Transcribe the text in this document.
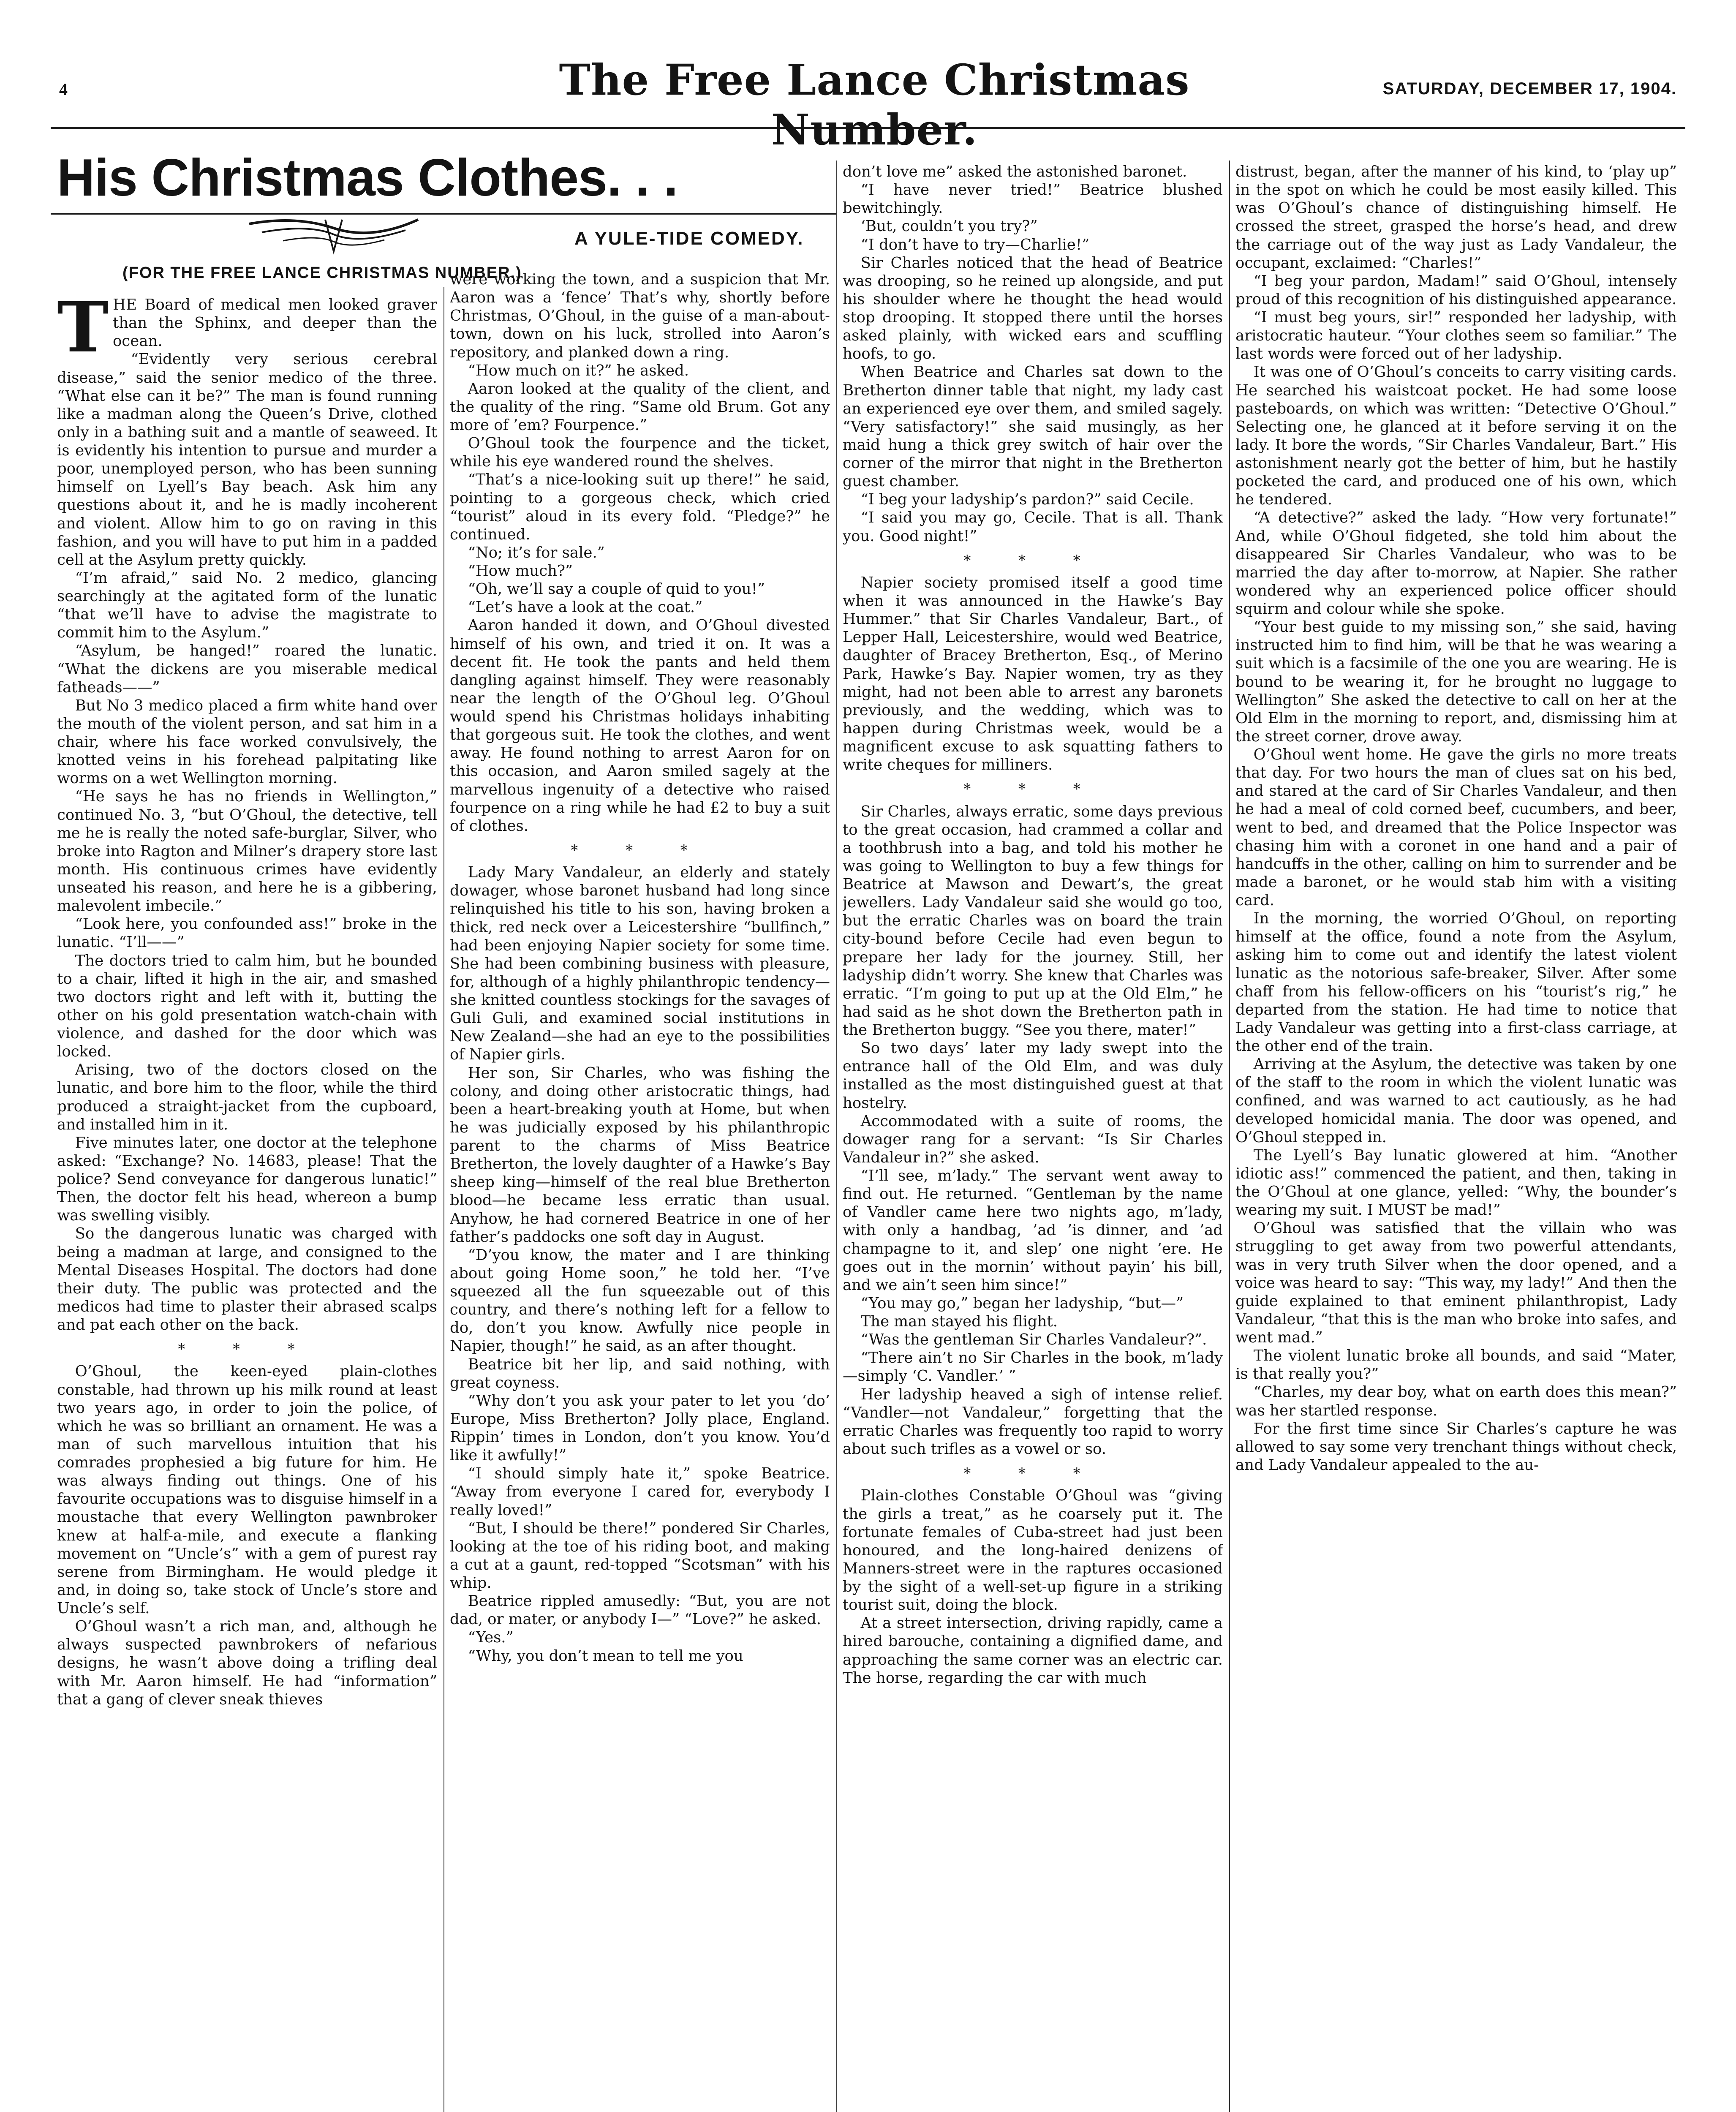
4	The Free Lance Christmas Number.
SATURDAY, DECEMBER 17, 1904.
His Christmas Clothes. . .
A YULE-TIDE COMEDY.
(FOR THE FREE LANCE CHRISTMAS NUMBER.)

THE Board of medical men looked graver than the Sphinx, and deeper than the ocean.

“Evidently very serious cerebral disease,” said the senior medico of the three. “What else can it be?” The man is found running like a madman along the Queen’s Drive, clothed only in a bathing suit and a mantle of seaweed. It is evidently his intention to pursue and murder a poor, unemployed person, who has been sunning himself on Lyell’s Bay beach. Ask him any questions about it, and he is madly incoherent and violent. Allow him to go on raving in this fashion, and you will have to put him in a padded cell at the Asylum pretty quickly.

“I’m afraid,” said No. 2 medico, glancing searchingly at the agitated form of the lunatic “that we’ll have to advise the magistrate to commit him to the Asylum.”

“Asylum, be hanged!” roared the lunatic. “What the dickens are you miserable medical fatheads——”

But No 3 medico placed a firm white hand over the mouth of the violent person, and sat him in a chair, where his face worked convulsively, the knotted veins in his forehead palpitating like worms on a wet Wellington morning.

“He says he has no friends in Wellington,” continued No. 3, “but O’Ghoul, the detective, tell me he is really the noted safe-burglar, Silver, who broke into Ragton and Milner’s drapery store last month. His continuous crimes have evidently unseated his reason, and here he is a gibbering, malevolent imbecile.”

“Look here, you confounded ass!” broke in the lunatic. “I’ll——”

The doctors tried to calm him, but he bounded to a chair, lifted it high in the air, and smashed two doctors right and left with it, butting the other on his gold presentation watch-chain with violence, and dashed for the door which was locked.

Arising, two of the doctors closed on the lunatic, and bore him to the floor, while the third produced a straight-jacket from the cupboard, and installed him in it.

Five minutes later, one doctor at the telephone asked: “Exchange? No. 14683, please! That the police? Send conveyance for dangerous lunatic!” Then, the doctor felt his head, whereon a bump was swelling visibly.

So the dangerous lunatic was charged with being a madman at large, and consigned to the Mental Diseases Hospital. The doctors had done their duty. The public was protected and the medicos had time to plaster their abrased scalps and pat each other on the back.

* * *

O’Ghoul, the keen-eyed plain-clothes constable, had thrown up his milk round at least two years ago, in order to join the police, of which he was so brilliant an ornament. He was a man of such marvellous intuition that his comrades prophesied a big future for him. He was always finding out things. One of his favourite occupations was to disguise himself in a moustache that every Wellington pawnbroker knew at half-a-mile, and execute a flanking movement on “Uncle’s” with a gem of purest ray serene from Birmingham. He would pledge it and, in doing so, take stock of Uncle’s store and Uncle’s self.

O’Ghoul wasn’t a rich man, and, although he always suspected pawnbrokers of nefarious designs, he wasn’t above doing a trifling deal with Mr. Aaron himself. He had “information” that a gang of clever sneak thieves

were working the town, and a suspicion that Mr. Aaron was a ‘fence’ That’s why, shortly before Christmas, O’Ghoul, in the guise of a man-about-town, down on his luck, strolled into Aaron’s repository, and planked down a ring.

“How much on it?” he asked.

Aaron looked at the quality of the client, and the quality of the ring. “Same old Brum. Got any more of ’em? Fourpence.”

O’Ghoul took the fourpence and the ticket, while his eye wandered round the shelves.

“That’s a nice-looking suit up there!” he said, pointing to a gorgeous check, which cried “tourist” aloud in its every fold. “Pledge?” he continued.

“No; it’s for sale.”

“How much?”

“Oh, we’ll say a couple of quid to you!”

“Let’s have a look at the coat.”

Aaron handed it down, and O’Ghoul divested himself of his own, and tried it on. It was a decent fit. He took the pants and held them dangling against himself. They were reasonably near the length of the O’Ghoul leg. O’Ghoul would spend his Christmas holidays inhabiting that gorgeous suit. He took the clothes, and went away. He found nothing to arrest Aaron for on this occasion, and Aaron smiled sagely at the marvellous ingenuity of a detective who raised fourpence on a ring while he had £2 to buy a suit of clothes.

* * *

Lady Mary Vandaleur, an elderly and stately dowager, whose baronet husband had long since relinquished his title to his son, having broken a thick, red neck over a Leicestershire “bullfinch,” had been enjoying Napier society for some time. She had been combining business with pleasure, for, although of a highly philanthropic tendency—she knitted countless stockings for the savages of Guli Guli, and examined social institutions in New Zealand—she had an eye to the possibilities of Napier girls.

Her son, Sir Charles, who was fishing the colony, and doing other aristocratic things, had been a heart-breaking youth at Home, but when he was judicially exposed by his philanthropic parent to the charms of Miss Beatrice Bretherton, the lovely daughter of a Hawke’s Bay sheep king—himself of the real blue Bretherton blood—he became less erratic than usual. Anyhow, he had cornered Beatrice in one of her father’s paddocks one soft day in August.

“D’you know, the mater and I are thinking about going Home soon,” he told her. “I’ve squeezed all the fun squeezable out of this country, and there’s nothing left for a fellow to do, don’t you know. Awfully nice people in Napier, though!” he said, as an after thought.

Beatrice bit her lip, and said nothing, with great coyness.

“Why don’t you ask your pater to let you ‘do’ Europe, Miss Bretherton? Jolly place, England. Rippin’ times in London, don’t you know. You’d like it awfully!”

“I should simply hate it,” spoke Beatrice. “Away from everyone I cared for, everybody I really loved!”

“But, I should be there!” pondered Sir Charles, looking at the toe of his riding boot, and making a cut at a gaunt, red-topped “Scotsman” with his whip.

Beatrice rippled amusedly: “But, you are not dad, or mater, or anybody I—” “Love?” he asked.

“Yes.”

“Why, you don’t mean to tell me you

don’t love me” asked the astonished baronet.

“I have never tried!” Beatrice blushed bewitchingly.

‘But, couldn’t you try?”

“I don’t have to try—Charlie!”

Sir Charles noticed that the head of Beatrice was drooping, so he reined up alongside, and put his shoulder where he thought the head would stop drooping. It stopped there until the horses asked plainly, with wicked ears and scuffling hoofs, to go.

When Beatrice and Charles sat down to the Bretherton dinner table that night, my lady cast an experienced eye over them, and smiled sagely. “Very satisfactory!” she said musingly, as her maid hung a thick grey switch of hair over the corner of the mirror that night in the Bretherton guest chamber.

“I beg your ladyship’s pardon?” said Cecile.

“I said you may go, Cecile. That is all. Thank you. Good night!”

* * *

Napier society promised itself a good time when it was announced in the Hawke’s Bay Hummer.” that Sir Charles Vandaleur, Bart., of Lepper Hall, Leicestershire, would wed Beatrice, daughter of Bracey Bretherton, Esq., of Merino Park, Hawke’s Bay. Napier women, try as they might, had not been able to arrest any baronets previously, and the wedding, which was to happen during Christmas week, would be a magnificent excuse to ask squatting fathers to write cheques for milliners.

* * *

Sir Charles, always erratic, some days previous to the great occasion, had crammed a collar and a toothbrush into a bag, and told his mother he was going to Wellington to buy a few things for Beatrice at Mawson and Dewart’s, the great jewellers. Lady Vandaleur said she would go too, but the erratic Charles was on board the train city-bound before Cecile had even begun to prepare her lady for the journey. Still, her ladyship didn’t worry. She knew that Charles was erratic. “I’m going to put up at the Old Elm,” he had said as he shot down the Bretherton path in the Bretherton buggy. “See you there, mater!”

So two days’ later my lady swept into the entrance hall of the Old Elm, and was duly installed as the most distinguished guest at that hostelry.

Accommodated with a suite of rooms, the dowager rang for a servant: “Is Sir Charles Vandaleur in?” she asked.

“I’ll see, m’lady.” The servant went away to find out. He returned. “Gentleman by the name of Vandler came here two nights ago, m’lady, with only a handbag, ’ad ’is dinner, and ’ad champagne to it, and slep’ one night ’ere. He goes out in the mornin’ without payin’ his bill, and we ain’t seen him since!”

“You may go,” began her ladyship, “but—”

The man stayed his flight.

“Was the gentleman Sir Charles Vandaleur?”.

“There ain’t no Sir Charles in the book, m’lady—simply ‘C. Vandler.’ ”

Her ladyship heaved a sigh of intense relief. “Vandler—not Vandaleur,” forgetting that the erratic Charles was frequently too rapid to worry about such trifles as a vowel or so.

* * *

Plain-clothes Constable O’Ghoul was “giving the girls a treat,” as he coarsely put it. The fortunate females of Cuba-street had just been honoured, and the long-haired denizens of Manners-street were in the raptures occasioned by the sight of a well-set-up figure in a striking tourist suit, doing the block.

At a street intersection, driving rapidly, came a hired barouche, containing a dignified dame, and approaching the same corner was an electric car. The horse, regarding the car with much

distrust, began, after the manner of his kind, to ‘play up” in the spot on which he could be most easily killed. This was O’Ghoul’s chance of distinguishing himself. He crossed the street, grasped the horse’s head, and drew the carriage out of the way just as Lady Vandaleur, the occupant, exclaimed: “Charles!”

“I beg your pardon, Madam!” said O’Ghoul, intensely proud of this recognition of his distinguished appearance.

“I must beg yours, sir!” responded her ladyship, with aristocratic hauteur. “Your clothes seem so familiar.” The last words were forced out of her ladyship.

It was one of O’Ghoul’s conceits to carry visiting cards. He searched his waistcoat pocket. He had some loose pasteboards, on which was written: “Detective O’Ghoul.” Selecting one, he glanced at it before serving it on the lady. It bore the words, “Sir Charles Vandaleur, Bart.” His astonishment nearly got the better of him, but he hastily pocketed the card, and produced one of his own, which he tendered.

“A detective?” asked the lady. “How very fortunate!” And, while O’Ghoul fidgeted, she told him about the disappeared Sir Charles Vandaleur, who was to be married the day after to-morrow, at Napier. She rather wondered why an experienced police officer should squirm and colour while she spoke.

“Your best guide to my missing son,” she said, having instructed him to find him, will be that he was wearing a suit which is a facsimile of the one you are wearing. He is bound to be wearing it, for he brought no luggage to Wellington” She asked the detective to call on her at the Old Elm in the morning to report, and, dismissing him at the street corner, drove away.

O’Ghoul went home. He gave the girls no more treats that day. For two hours the man of clues sat on his bed, and stared at the card of Sir Charles Vandaleur, and then he had a meal of cold corned beef, cucumbers, and beer, went to bed, and dreamed that the Police Inspector was chasing him with a coronet in one hand and a pair of handcuffs in the other, calling on him to surrender and be made a baronet, or he would stab him with a visiting card.

In the morning, the worried O’Ghoul, on reporting himself at the office, found a note from the Asylum, asking him to come out and identify the latest violent lunatic as the notorious safe-breaker, Silver. After some chaff from his fellow-officers on his “tourist’s rig,” he departed from the station. He had time to notice that Lady Vandaleur was getting into a first-class carriage, at the other end of the train.

Arriving at the Asylum, the detective was taken by one of the staff to the room in which the violent lunatic was confined, and was warned to act cautiously, as he had developed homicidal mania. The door was opened, and O’Ghoul stepped in.

The Lyell’s Bay lunatic glowered at him. “Another idiotic ass!” commenced the patient, and then, taking in the O’Ghoul at one glance, yelled: “Why, the bounder’s wearing my suit. I MUST be mad!”

O’Ghoul was satisfied that the villain who was struggling to get away from two powerful attendants, was in very truth Silver when the door opened, and a voice was heard to say: “This way, my lady!” And then the guide explained to that eminent philanthropist, Lady Vandaleur, “that this is the man who broke into safes, and went mad.”

The violent lunatic broke all bounds, and said “Mater, is that really you?”

“Charles, my dear boy, what on earth does this mean?” was her startled response.

For the first time since Sir Charles’s capture he was allowed to say some very trenchant things without check, and Lady Vandaleur appealed to the au-
